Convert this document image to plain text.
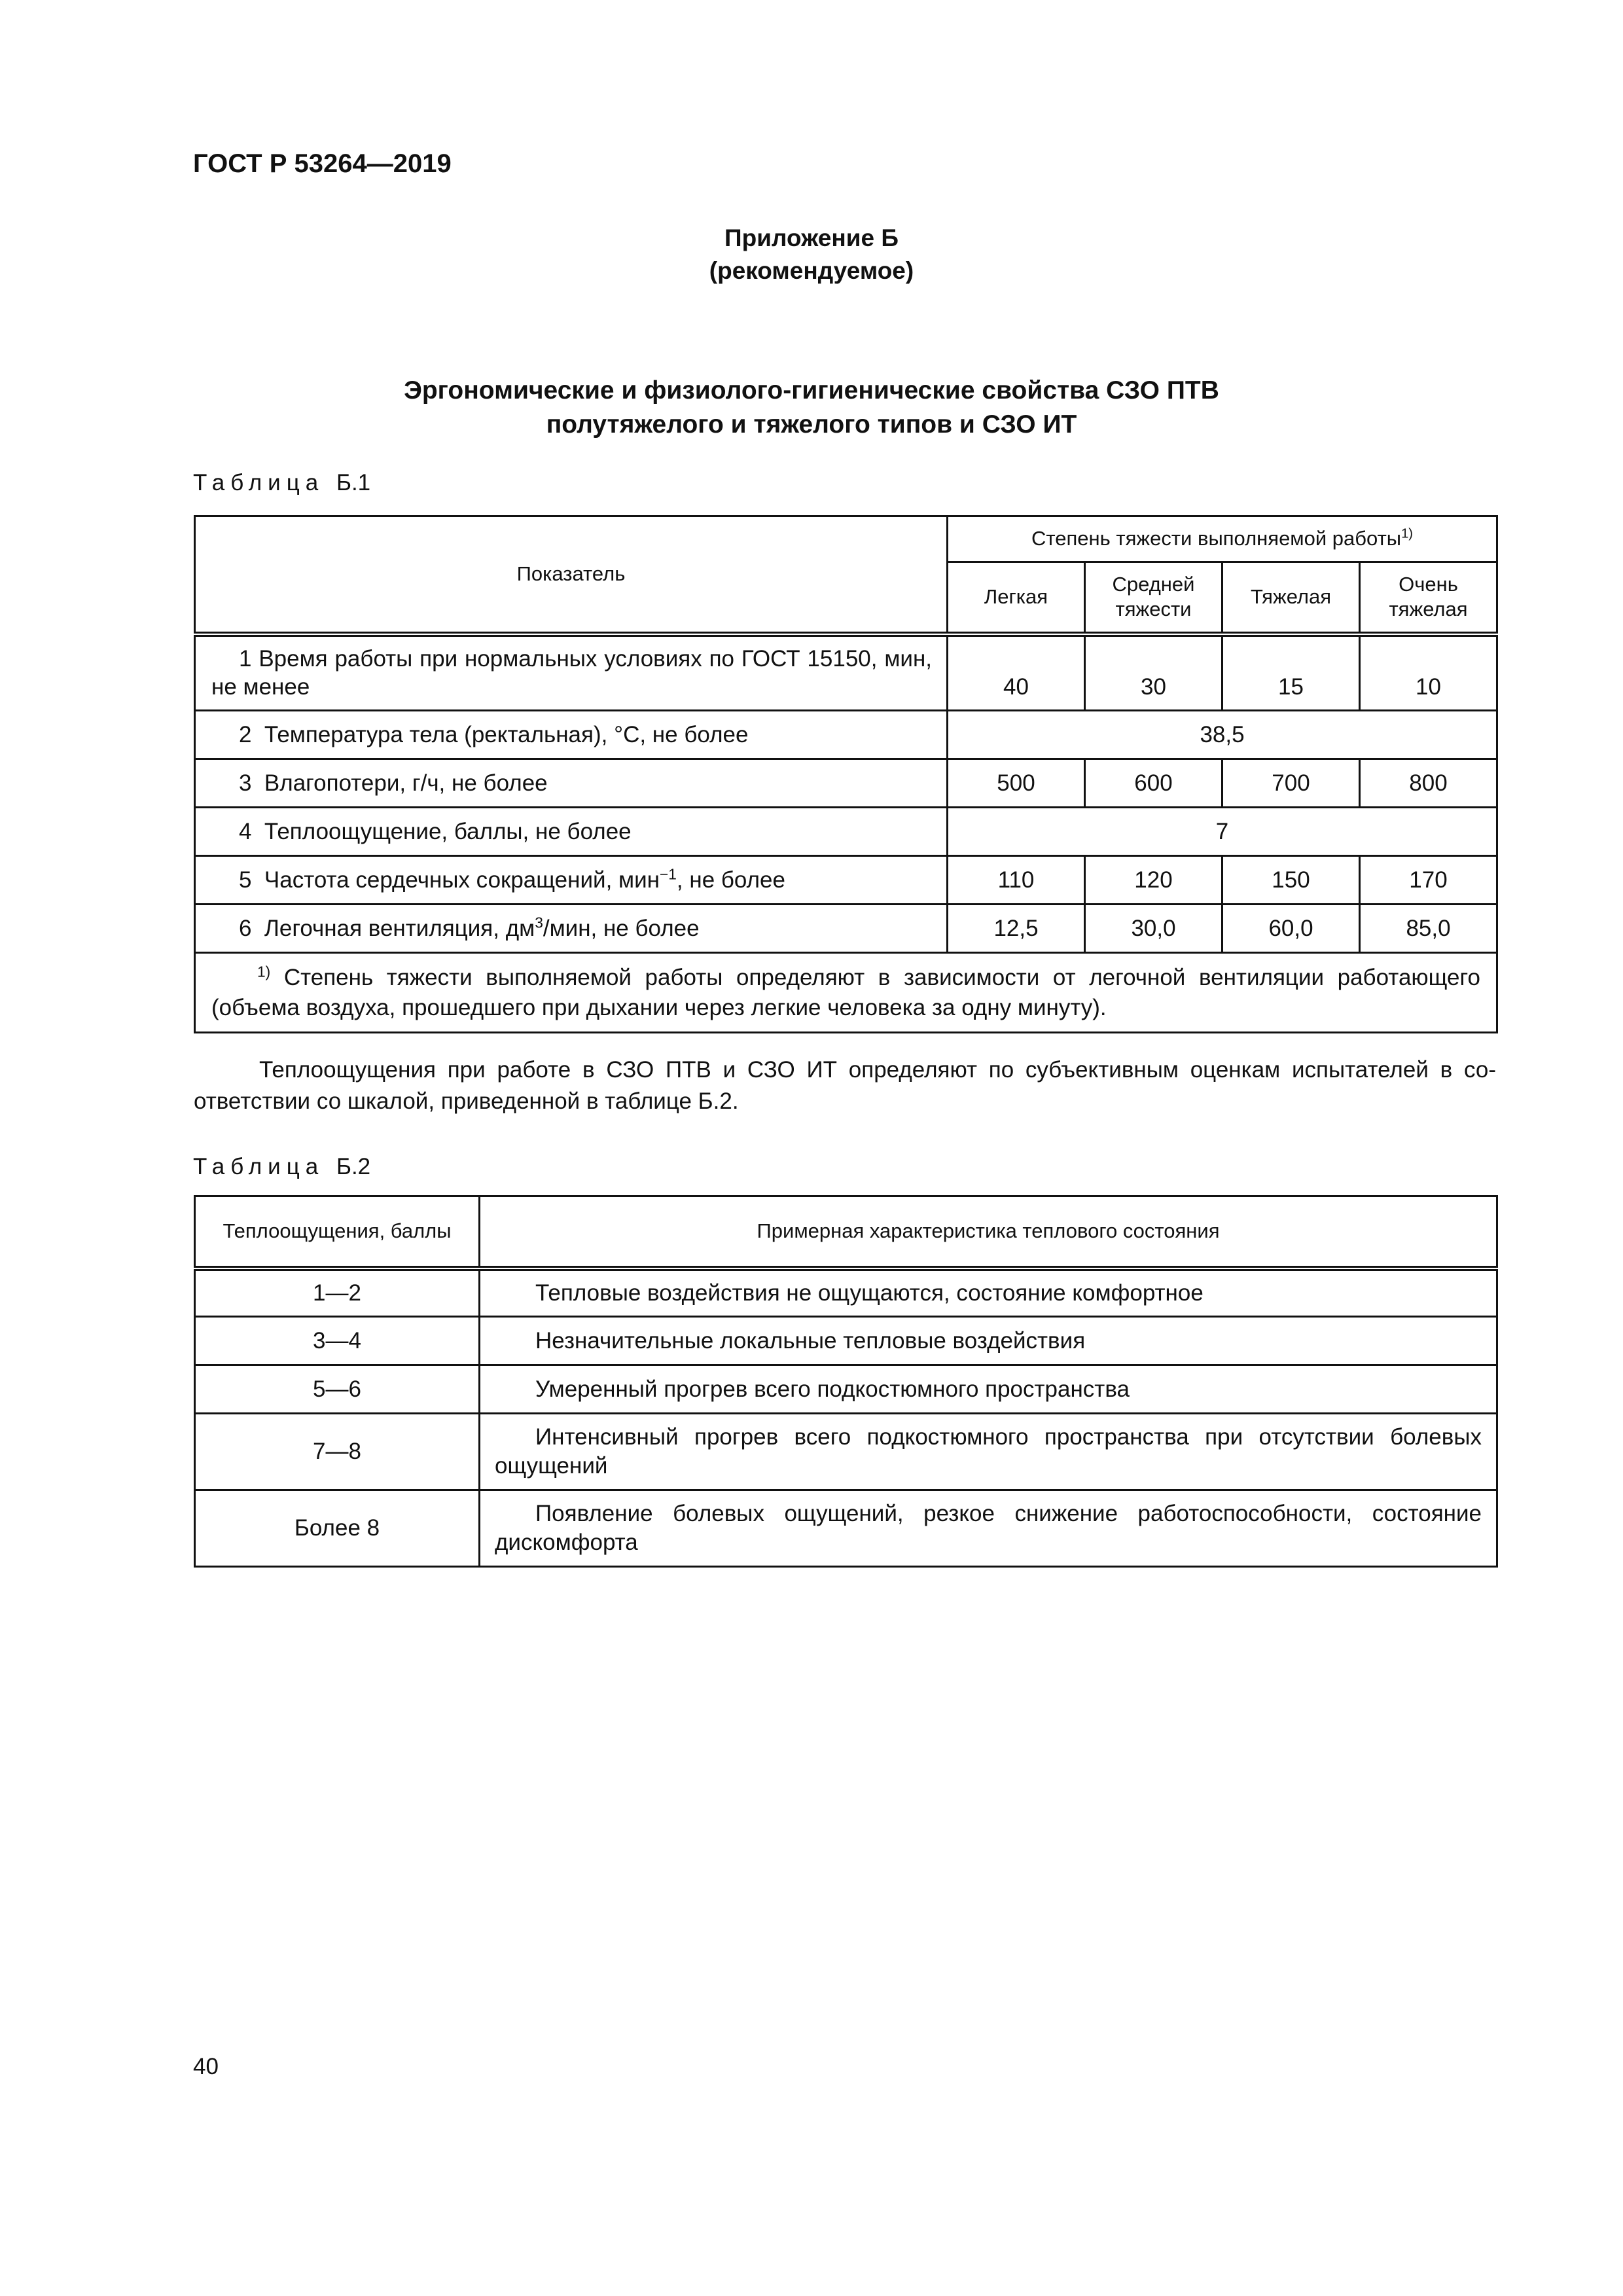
ГОСТ Р 53264—2019
Приложение Б
(рекомендуемое)
Эргономические и физиолого-гигиенические свойства СЗО ПТВ
полутяжелого и тяжелого типов и СЗО ИТ
Таблица Б.1
Показатель	Степень тяжести выполняемой работы$^{1)}$
	Легкая	Средней тяжести	Тяжелая	Очень тяжелая
1 Время работы при нормальных условиях по ГОСТ 15150, мин, не менее	40	30	15	10
2 Температура тела (ректальная), °С, не более	38,5			
3 Влагопотери, г/ч, не более	500	600	700	800
4 Теплоощущение, баллы, не более	7			
5 Частота сердечных сокращений, мин$^{-1}$, не более	110	120	150	170
6 Легочная вентиляция, $дм^3$/мин, не более	12,5	30,0	60,0	85,0
$^{1)}$ Степень тяжести выполняемой работы определяют в зависимости от легочной вентиляции работающего (объема воздуха, прошедшего при дыхании через легкие человека за одну минуту).				
Теплоощущения при работе в СЗО ПТВ и СЗО ИТ определяют по субъективным оценкам испытателей в соответствии со шкалой, приведенной в таблице Б.2.
Таблица Б.2
Теплоощущения, баллы	Примерная характеристика теплового состояния
1—2	Тепловые воздействия не ощущаются, состояние комфортное
3—4	Незначительные локальные тепловые воздействия
5—6	Умеренный прогрев всего подкостюмного пространства
7—8	Интенсивный прогрев всего подкостюмного пространства при отсутствии болевых ощущений
Более 8	Появление болевых ощущений, резкое снижение работоспособности, состояние дискомфорта
40
